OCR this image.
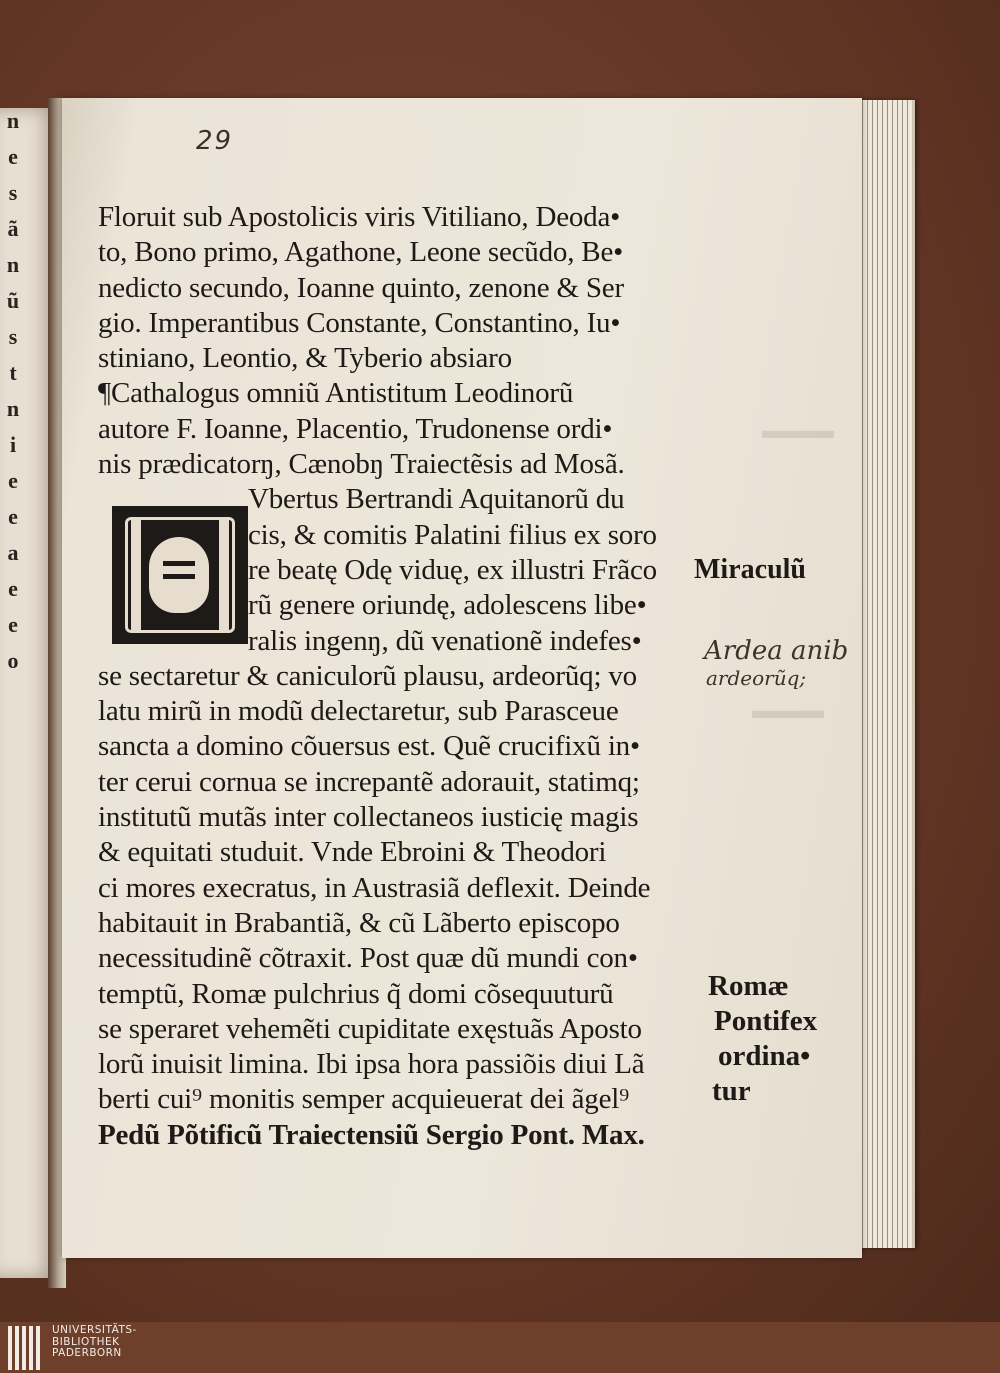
n
e
s
ã
n
ũ
s
t
n
i
e
e
a
e
e
o
▬▬▬
▬▬▬
29
Floruit sub Apostolicis viris Vitiliano, Deoda•
to, Bono primo, Agathone, Leone secũdo, Be•
nedicto secundo, Ioanne quinto, zenone & Ser
gio. Imperantibus Constante, Constantino, Iu•
stiniano, Leontio, & Tyberio absiaro
¶Cathalogus omniũ Antistitum Leodinorũ
autore F. Ioanne, Placentio, Trudonense ordi•
nis prædicatorŋ, Cænobŋ Traiectẽsis ad Mosã.
Vbertus Bertrandi Aquitanorũ du
cis, & comitis Palatini filius ex soro
re beatę Odę viduę, ex illustri Frãco
rũ genere oriundę, adolescens libe•
ralis ingenŋ, dũ venationẽ indefes•
se sectaretur & caniculorũ plausu, ardeorũq; vo
latu mirũ in modũ delectaretur, sub Parasceue
sancta a domino cõuersus est. Quẽ crucifixũ in•
ter cerui cornua se increpantẽ adorauit, statimq;
institutũ mutãs inter collectaneos iusticię magis
& equitati studuit. Vnde Ebroini & Theodori
ci mores execratus, in Austrasiã deflexit. Deinde
habitauit in Brabantiã, & cũ Lãberto episcopo
necessitudinẽ cõtraxit. Post quæ dũ mundi con•
temptũ, Romæ pulchrius q̃ domi cõsequuturũ
se speraret vehemẽti cupiditate exęstuãs Aposto
lorũ inuisit limina. Ibi ipsa hora passiõis diui Lã
berti cui⁹ monitis semper acquieuerat dei ãgel⁹
Pedũ Põtificũ Traiectensiũ Sergio Pont. Max.
Miraculũ
Ardea anib
ardeorũq;
Romæ
Pontifex
ordina•
tur
UNIVERSITÄTS-
BIBLIOTHEK
PADERBORN
